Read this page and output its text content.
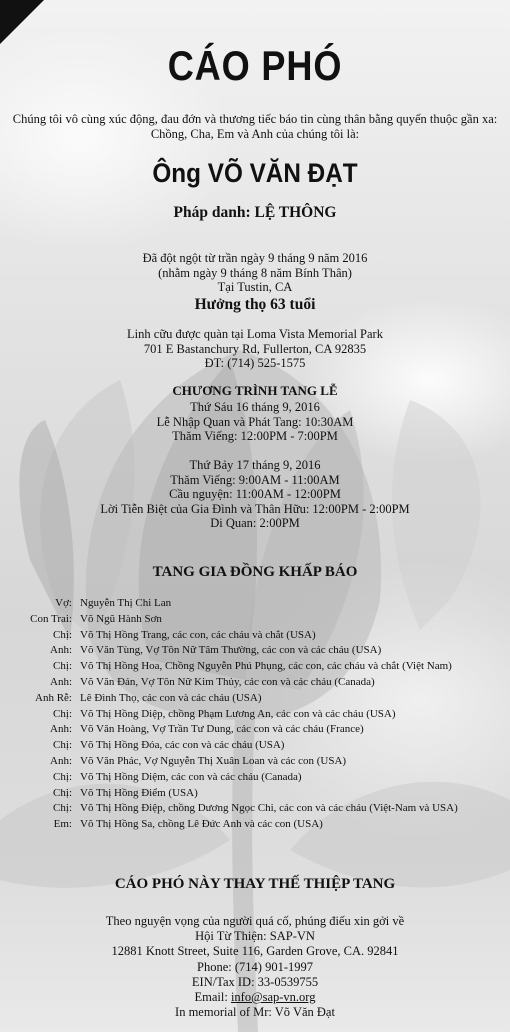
CÁO PHÓ
Chúng tôi vô cùng xúc động, đau đớn và thương tiếc báo tin cùng thân bằng quyến thuộc gần xa:
Chồng, Cha, Em và Anh của chúng tôi là:
Ông VÕ VĂN ĐẠT
Pháp danh: LỆ THÔNG
Đã đột ngột từ trần ngày 9 tháng 9 năm 2016
(nhằm ngày 9 tháng 8 năm Bính Thân)
Tại Tustin, CA
Hưởng thọ 63 tuổi
Linh cữu được quàn tại Loma Vista Memorial Park
701 E Bastanchury Rd, Fullerton, CA 92835
ĐT: (714) 525-1575
CHƯƠNG TRÌNH TANG LỄ
Thứ Sáu 16 tháng 9, 2016
Lễ Nhập Quan và Phát Tang: 10:30AM
Thăm Viếng: 12:00PM - 7:00PM
Thứ Bảy 17 tháng 9, 2016
Thăm Viếng: 9:00AM - 11:00AM
Cầu nguyện: 11:00AM - 12:00PM
Lời Tiễn Biệt của Gia Đình và Thân Hữu: 12:00PM - 2:00PM
Di Quan: 2:00PM
TANG GIA ĐỒNG KHẤP BÁO
Vợ: Nguyễn Thị Chi Lan
Con Trai: Võ Ngũ Hành Sơn
Chị: Võ Thị Hồng Trang, các con, các cháu và chắt (USA)
Anh: Võ Văn Tùng, Vợ Tôn Nữ Tâm Thường, các con và các cháu (USA)
Chị: Võ Thị Hồng Hoa, Chồng Nguyễn Phú Phụng, các con, các cháu và chắt (Việt Nam)
Anh: Võ Văn Đản, Vợ Tôn Nữ Kim Thủy, các con và các cháu (Canada)
Anh Rễ: Lê Đình Thọ, các con và các cháu (USA)
Chị: Võ Thị Hồng Diệp, chồng Phạm Lương An, các con và các cháu (USA)
Anh: Võ Văn Hoàng, Vợ Trần Tư Dung, các con và các cháu (France)
Chị: Võ Thị Hồng Đóa, các con và các cháu (USA)
Anh: Võ Văn Phác, Vợ Nguyễn Thị Xuân Loan và các con (USA)
Chị: Võ Thị Hồng Diệm, các con và các cháu (Canada)
Chị: Võ Thị Hồng Điểm (USA)
Chị: Võ Thị Hồng Điệp, chồng Dương Ngọc Chi, các con và các cháu (Việt-Nam và USA)
Em: Võ Thị Hồng Sa, chồng Lê Đức Anh và các con (USA)
CÁO PHÓ NÀY THAY THẾ THIỆP TANG
Theo nguyện vọng của người quá cố, phúng điếu xin gởi về
Hội Từ Thiện: SAP-VN
12881 Knott Street, Suite 116, Garden Grove, CA. 92841
Phone: (714) 901-1997
EIN/Tax ID: 33-0539755
Email: info@sap-vn.org
In memorial of Mr: Võ Văn Đạt
